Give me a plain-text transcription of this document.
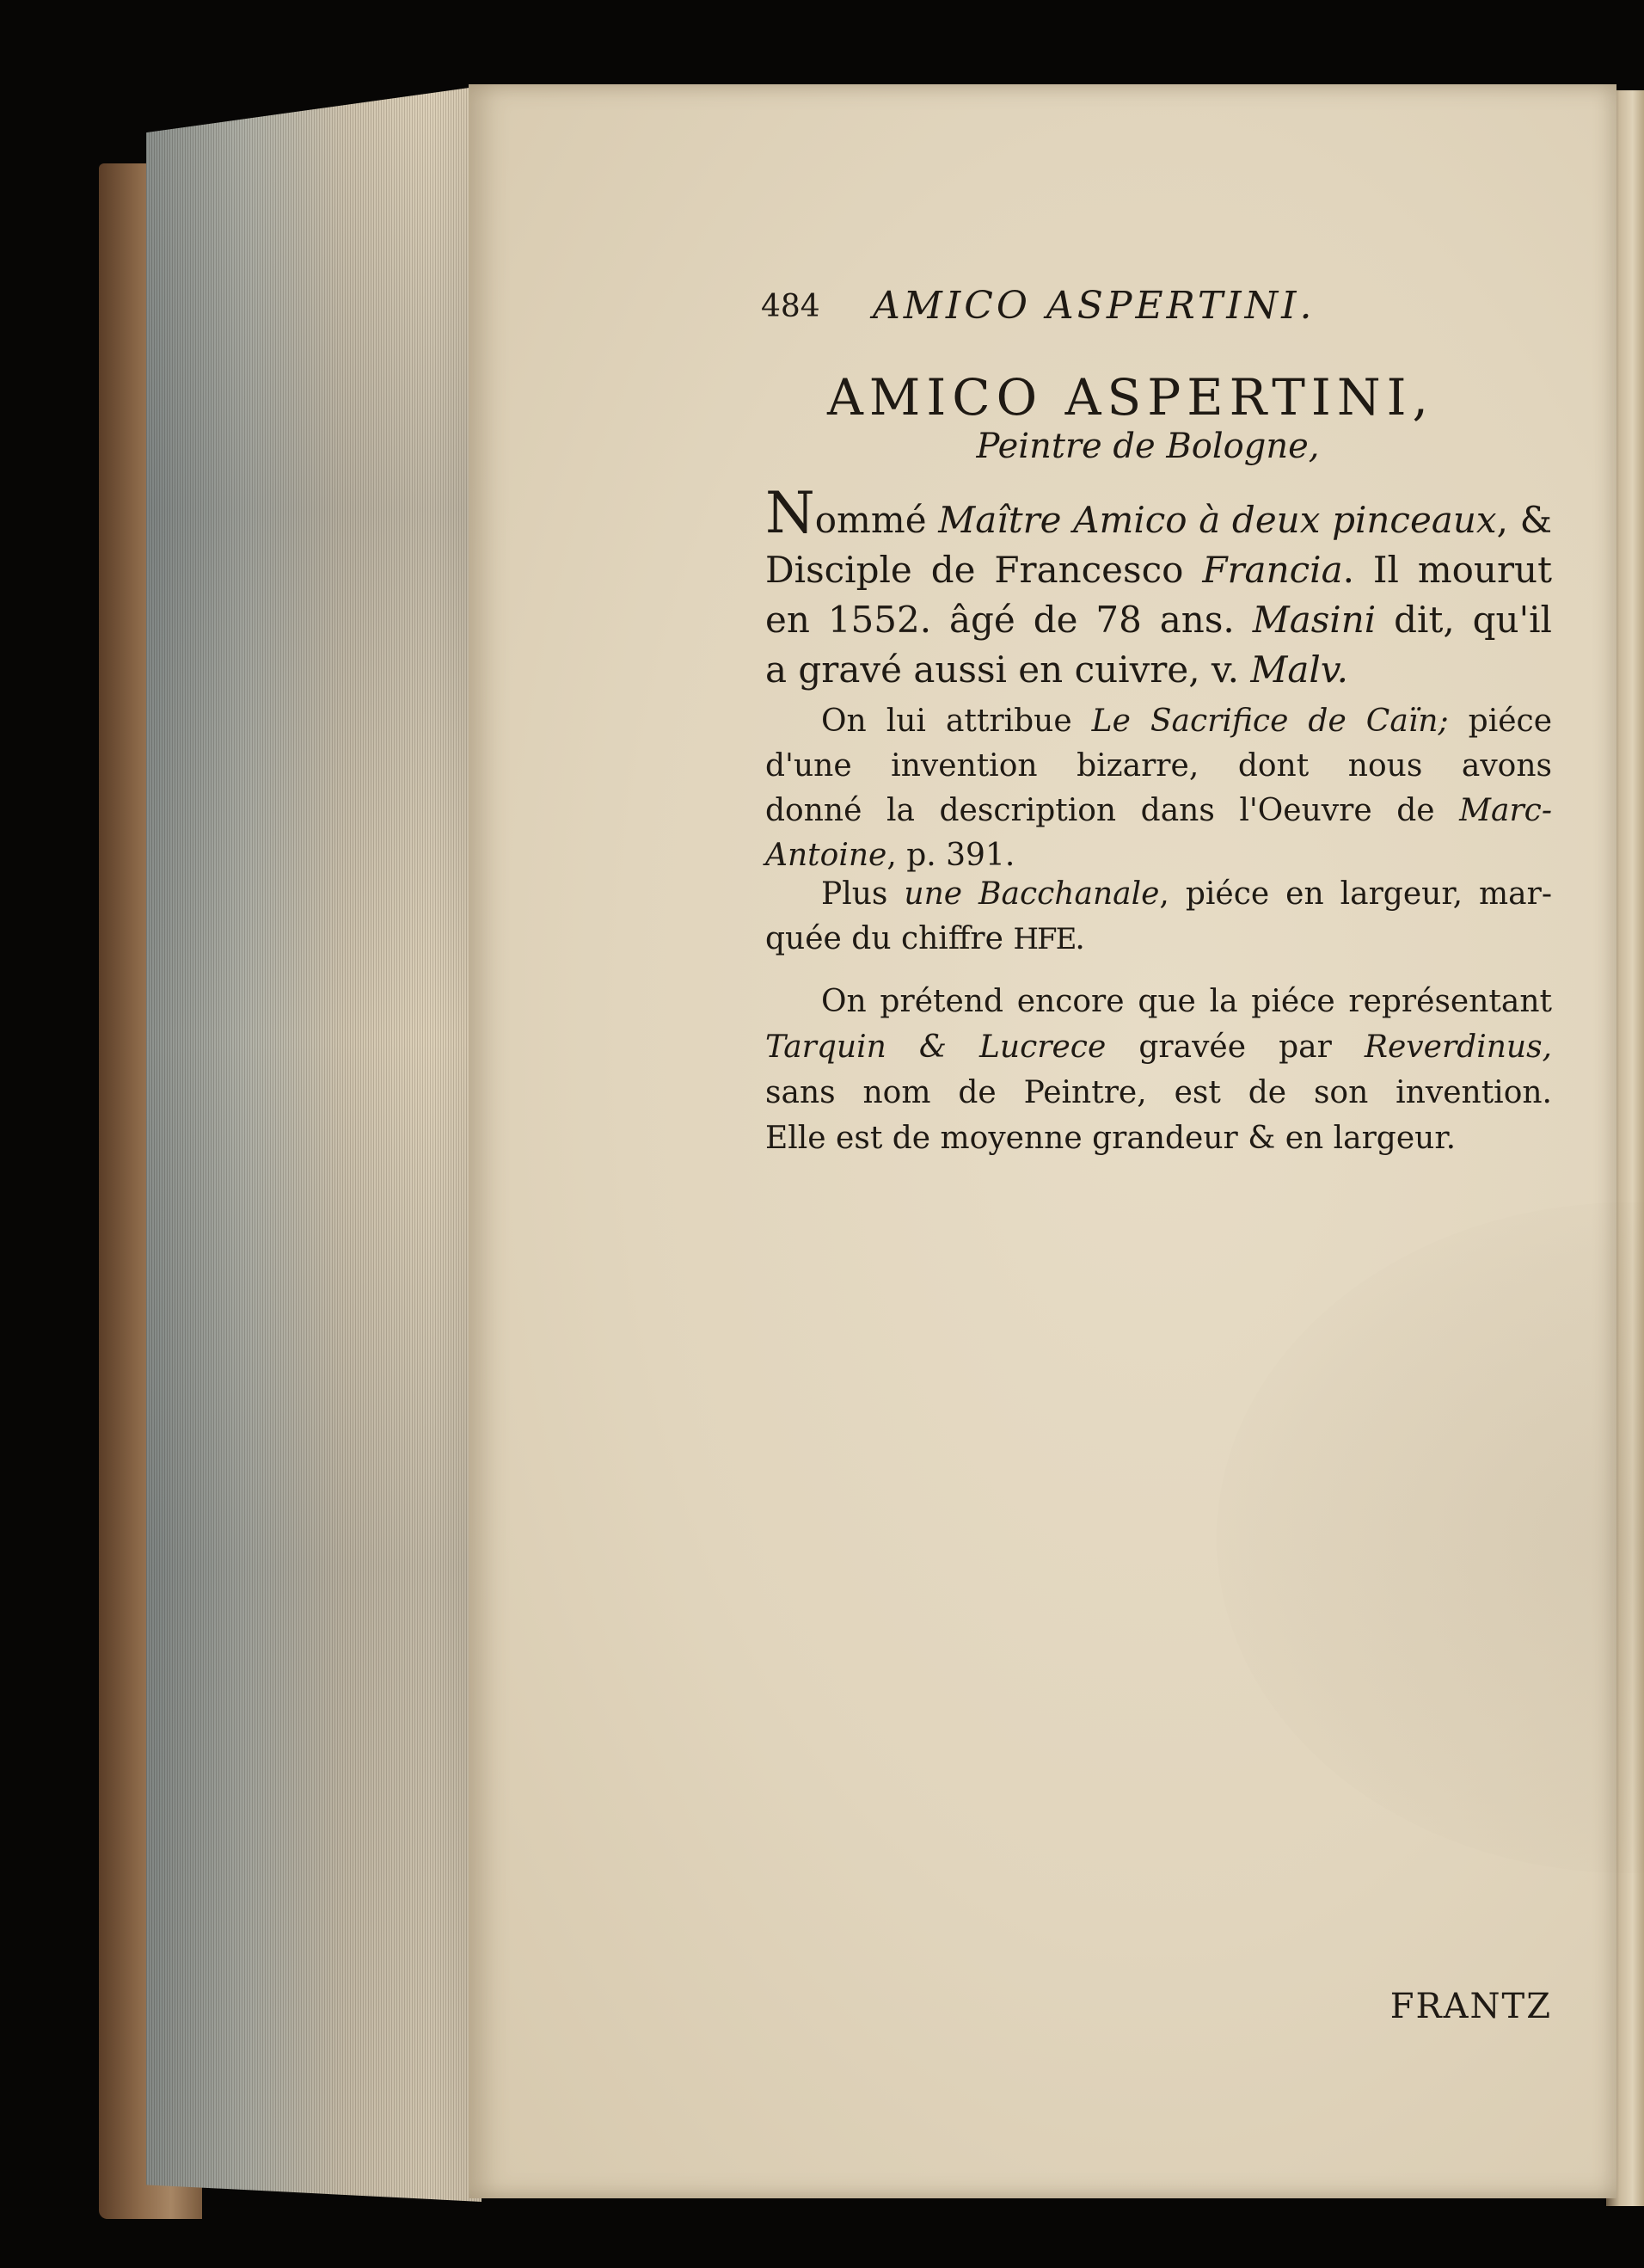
484 AMICO ASPERTINI.
AMICO ASPERTINI,
Peintre de Bologne,
Nommé Maître Amico à deux pinceaux, &
Disciple de Francesco Francia. Il mourut
en 1552. âgé de 78 ans. Masini dit, qu'il
a gravé aussi en cuivre, v. Malv.
On lui attribue Le Sacrifice de Caïn; piéce
d'une invention bizarre, dont nous avons
donné la description dans l'Oeuvre de Marc-
Antoine, p. 391.
Plus une Bacchanale, piéce en largeur, mar-
quée du chiffre HFE.
On prétend encore que la piéce représentant
Tarquin & Lucrece gravée par Reverdinus,
sans nom de Peintre, est de son invention.
Elle est de moyenne grandeur & en largeur.
FRANTZ
